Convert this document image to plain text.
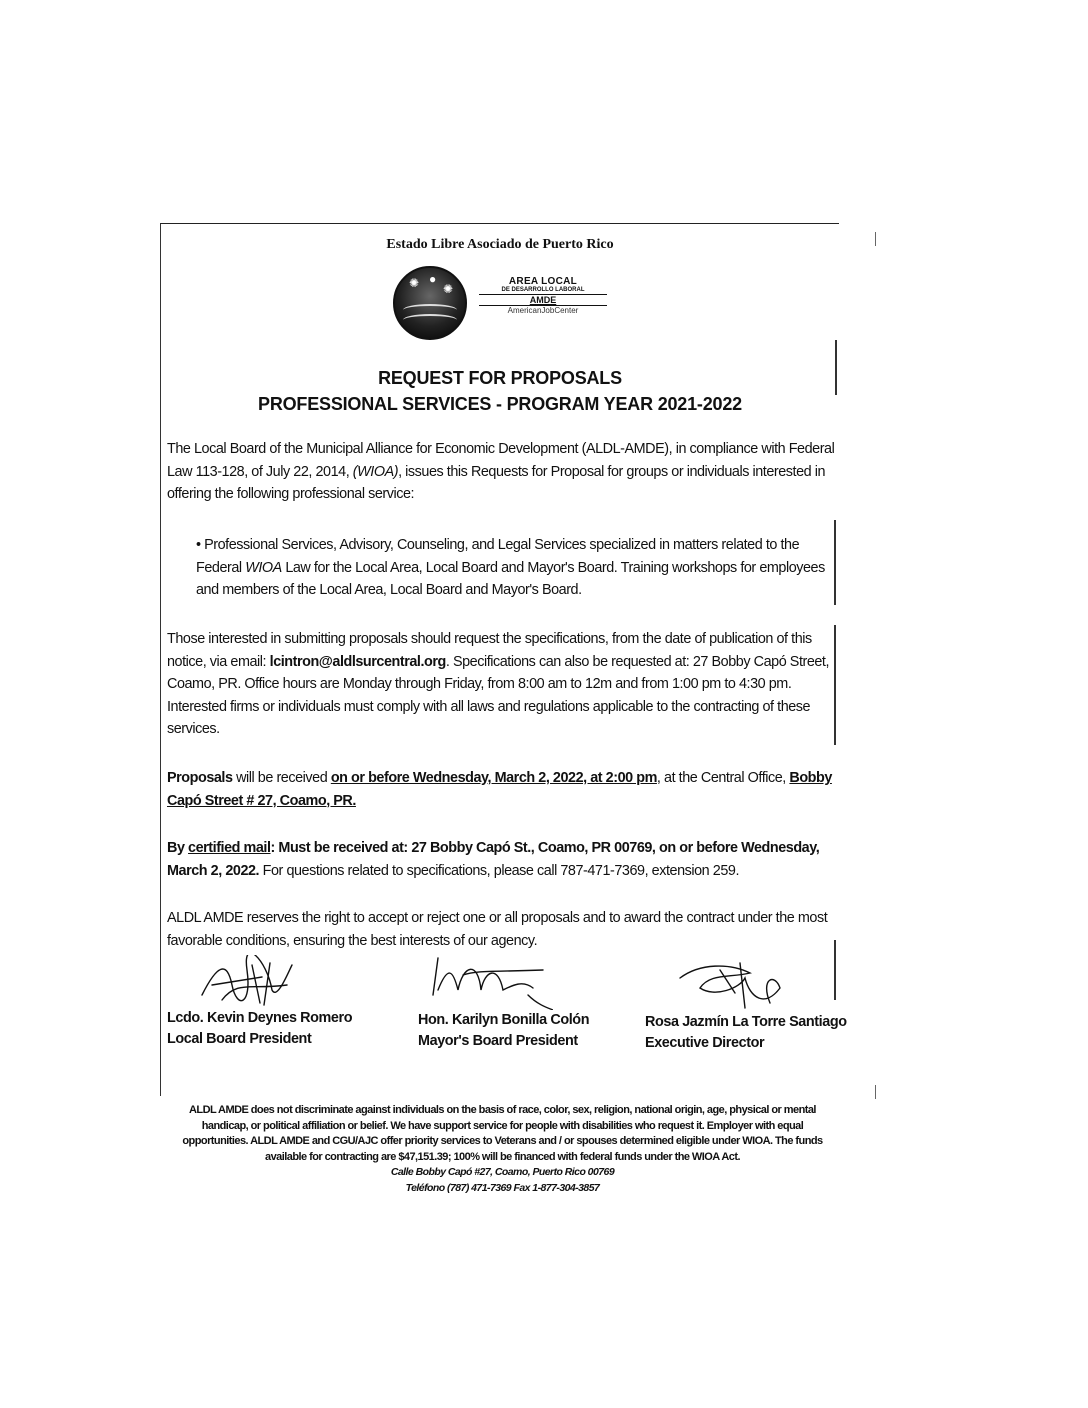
Estado Libre Asociado de Puerto Rico
✺ ●
✺
AREA LOCAL
DE DESARROLLO LABORAL
AMDE
AmericanJobCenter
REQUEST FOR PROPOSALS
PROFESSIONAL SERVICES - PROGRAM YEAR 2021-2022
The Local Board of the Municipal Alliance for Economic Development (ALDL-AMDE), in compliance with Federal Law 113-128, of July 22, 2014, (WIOA), issues this Requests for Proposal for groups or individuals interested in offering the following professional service:
• Professional Services, Advisory, Counseling, and Legal Services specialized in matters related to the Federal WIOA Law for the Local Area, Local Board and Mayor's Board. Training workshops for employees and members of the Local Area, Local Board and Mayor's Board.
Those interested in submitting proposals should request the specifications, from the date of publication of this notice, via email: lcintron@aldlsurcentral.org. Specifications can also be requested at: 27 Bobby Capó Street, Coamo, PR. Office hours are Monday through Friday, from 8:00 am to 12m and from 1:00 pm to 4:30 pm. Interested firms or individuals must comply with all laws and regulations applicable to the contracting of these services.
Proposals will be received on or before Wednesday, March 2, 2022, at 2:00 pm, at the Central Office, Bobby Capó Street # 27, Coamo, PR.
By certified mail: Must be received at: 27 Bobby Capó St., Coamo, PR 00769, on or before Wednesday, March 2, 2022. For questions related to specifications, please call 787-471-7369, extension 259.
ALDL AMDE reserves the right to accept or reject one or all proposals and to award the contract under the most favorable conditions, ensuring the best interests of our agency.
Lcdo. Kevin Deynes Romero
Local Board President
Hon. Karilyn Bonilla Colón
Mayor's Board President
Rosa Jazmín La Torre Santiago
Executive Director
ALDL AMDE does not discriminate against individuals on the basis of race, color, sex, religion, national origin, age, physical or mental handicap, or political affiliation or belief. We have support service for people with disabilities who request it. Employer with equal opportunities. ALDL AMDE and CGU/AJC offer priority services to Veterans and / or spouses determined eligible under WIOA. The funds available for contracting are $47,151.39; 100% will be financed with federal funds under the WIOA Act.
Calle Bobby Capó #27, Coamo, Puerto Rico 00769
Teléfono (787) 471-7369 Fax 1-877-304-3857
